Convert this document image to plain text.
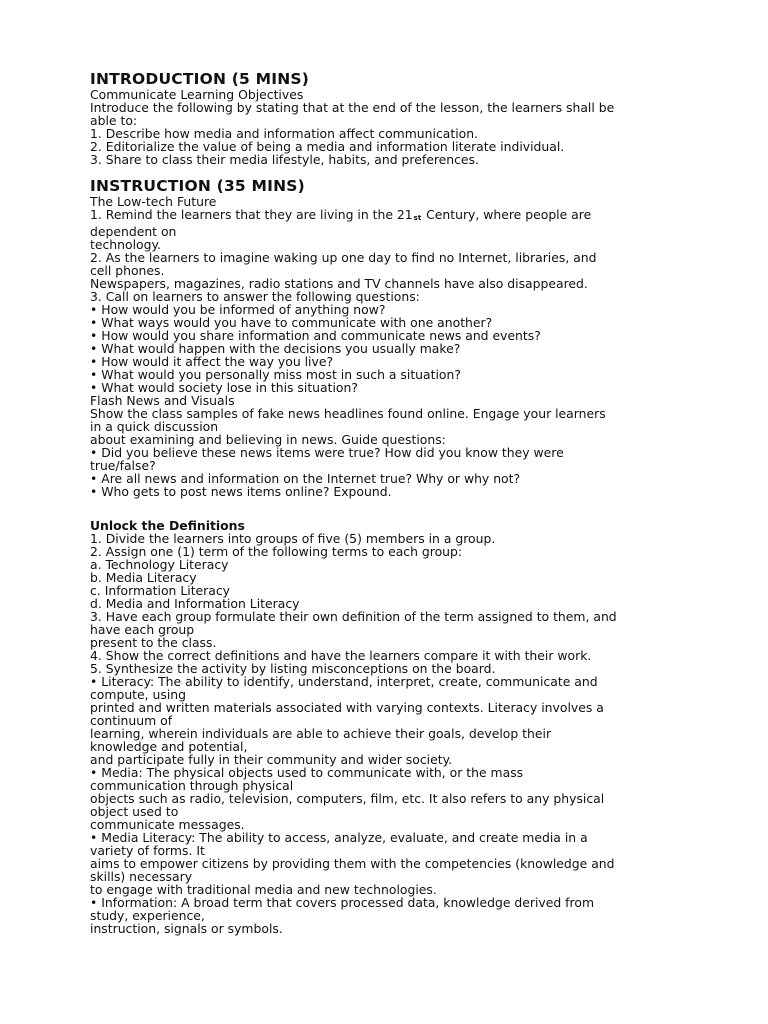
INTRODUCTION (5 MINS)
Communicate Learning Objectives
Introduce the following by stating that at the end of the lesson, the learners shall be
able to:
1. Describe how media and information affect communication.
2. Editorialize the value of being a media and information literate individual.
3. Share to class their media lifestyle, habits, and preferences.
INSTRUCTION (35 MINS)
The Low-tech Future
1. Remind the learners that they are living in the 21st Century, where people are
dependent on
technology.
2. As the learners to imagine waking up one day to find no Internet, libraries, and
cell phones.
Newspapers, magazines, radio stations and TV channels have also disappeared.
3. Call on learners to answer the following questions:
• How would you be informed of anything now?
• What ways would you have to communicate with one another?
• How would you share information and communicate news and events?
• What would happen with the decisions you usually make?
• How would it affect the way you live?
• What would you personally miss most in such a situation?
• What would society lose in this situation?
Flash News and Visuals
Show the class samples of fake news headlines found online. Engage your learners
in a quick discussion
about examining and believing in news. Guide questions:
• Did you believe these news items were true? How did you know they were
true/false?
• Are all news and information on the Internet true? Why or why not?
• Who gets to post news items online? Expound.
Unlock the Definitions
1. Divide the learners into groups of five (5) members in a group.
2. Assign one (1) term of the following terms to each group:
a. Technology Literacy
b. Media Literacy
c. Information Literacy
d. Media and Information Literacy
3. Have each group formulate their own definition of the term assigned to them, and
have each group
present to the class.
4. Show the correct definitions and have the learners compare it with their work.
5. Synthesize the activity by listing misconceptions on the board.
• Literacy: The ability to identify, understand, interpret, create, communicate and
compute, using
printed and written materials associated with varying contexts. Literacy involves a
continuum of
learning, wherein individuals are able to achieve their goals, develop their
knowledge and potential,
and participate fully in their community and wider society.
• Media: The physical objects used to communicate with, or the mass
communication through physical
objects such as radio, television, computers, film, etc. It also refers to any physical
object used to
communicate messages.
• Media Literacy: The ability to access, analyze, evaluate, and create media in a
variety of forms. It
aims to empower citizens by providing them with the competencies (knowledge and
skills) necessary
to engage with traditional media and new technologies.
• Information: A broad term that covers processed data, knowledge derived from
study, experience,
instruction, signals or symbols.
